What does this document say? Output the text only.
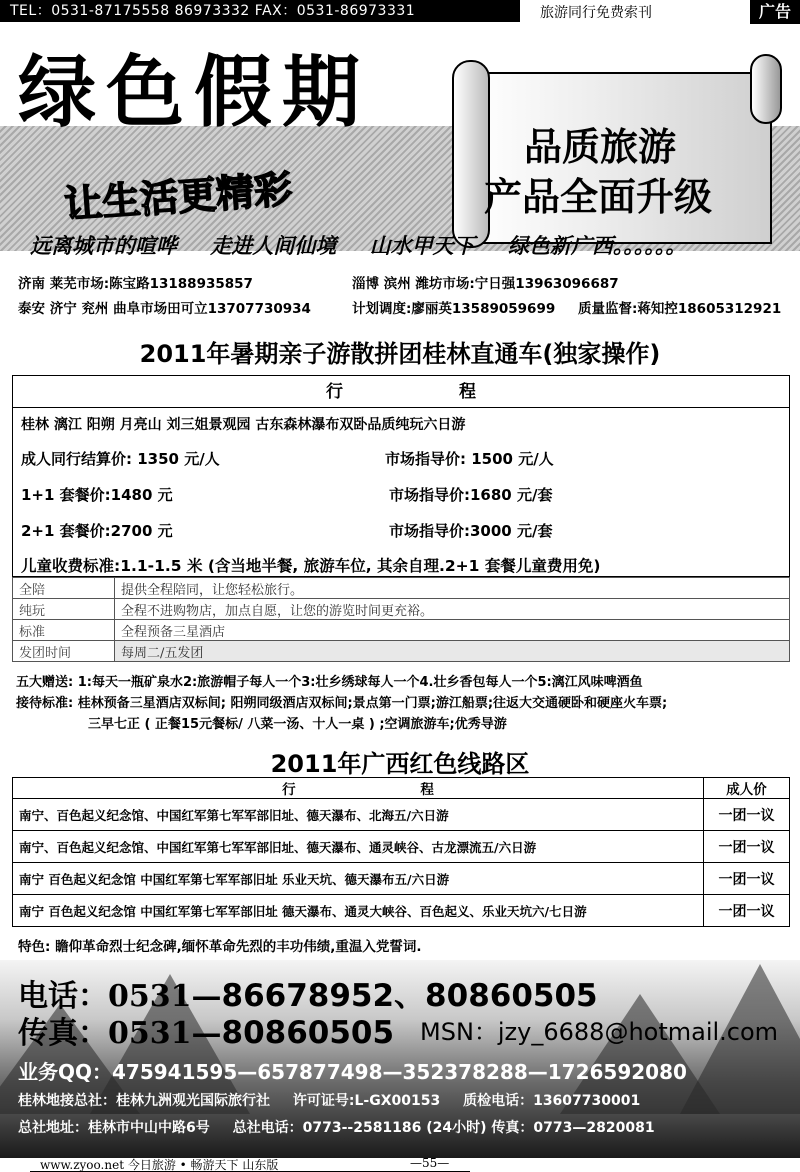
TEL：0531-87175558 86973332 FAX：0531-86973331	旅游同行免费索刊	广告
绿色假期
让生活更精彩
品质旅游
产品全面升级
远离城市的喧哗 走进人间仙境 山水甲天下 绿色新广西。。。。。。
济南 莱芜市场:陈宝路13188935857	淄博 滨州 潍坊市场:宁日强13963096687
泰安 济宁 兖州 曲阜市场田可立13707730934	计划调度:廖丽英13589059699 质量监督:蒋知控18605312921
2011年暑期亲子游散拼团桂林直通车(独家操作)
行 程
桂林 漓江 阳朔 月亮山 刘三姐景观园 古东森林瀑布双卧品质纯玩六日游
成人同行结算价: 1350 元/人	市场指导价: 1500 元/人
1+1 套餐价:1480 元	市场指导价:1680 元/套
2+1 套餐价:2700 元	市场指导价:3000 元/套
儿童收费标准:1.1-1.5 米 (含当地半餐, 旅游车位, 其余自理.2+1 套餐儿童费用免)
全陪	提供全程陪同，让您轻松旅行。
纯玩	全程不进购物店，加点自愿，让您的游览时间更充裕。
标准	全程预备三星酒店
发团时间	每周二/五发团
五大赠送: 1:每天一瓶矿泉水2:旅游帽子每人一个3:壮乡绣球每人一个4.壮乡香包每人一个5:漓江风味啤酒鱼
接待标准: 桂林预备三星酒店双标间; 阳朔同级酒店双标间;景点第一门票;游江船票;往返大交通硬卧和硬座火车票;
三早七正 ( 正餐15元餐标/ 八菜一汤、十人一桌 ) ;空调旅游车;优秀导游
2011年广西红色线路区
行 程	成人价
南宁、百色起义纪念馆、中国红军第七军军部旧址、德天瀑布、北海五/六日游	一团一议
南宁、百色起义纪念馆、中国红军第七军军部旧址、德天瀑布、通灵峡谷、古龙漂流五/六日游	一团一议
南宁 百色起义纪念馆 中国红军第七军军部旧址 乐业天坑、德天瀑布五/六日游	一团一议
南宁 百色起义纪念馆 中国红军第七军军部旧址 德天瀑布、通灵大峡谷、百色起义、乐业天坑六/七日游	一团一议
特色: 瞻仰革命烈士纪念碑,缅怀革命先烈的丰功伟绩,重温入党誓词.
电话：0531—86678952、80860505
传真：0531—80860505 MSN：jzy_6688@hotmail.com
业务QQ：475941595—657877498—352378288—1726592080
桂林地接总社：桂林九洲观光国际旅行社 许可证号:L-GX00153 质检电话：13607730001
总社地址：桂林市中山中路6号 总社电话：0773--2581186 (24小时) 传真：0773—2820081
www.zyoo.net 今日旅游 • 畅游天下 山东版	—55—
